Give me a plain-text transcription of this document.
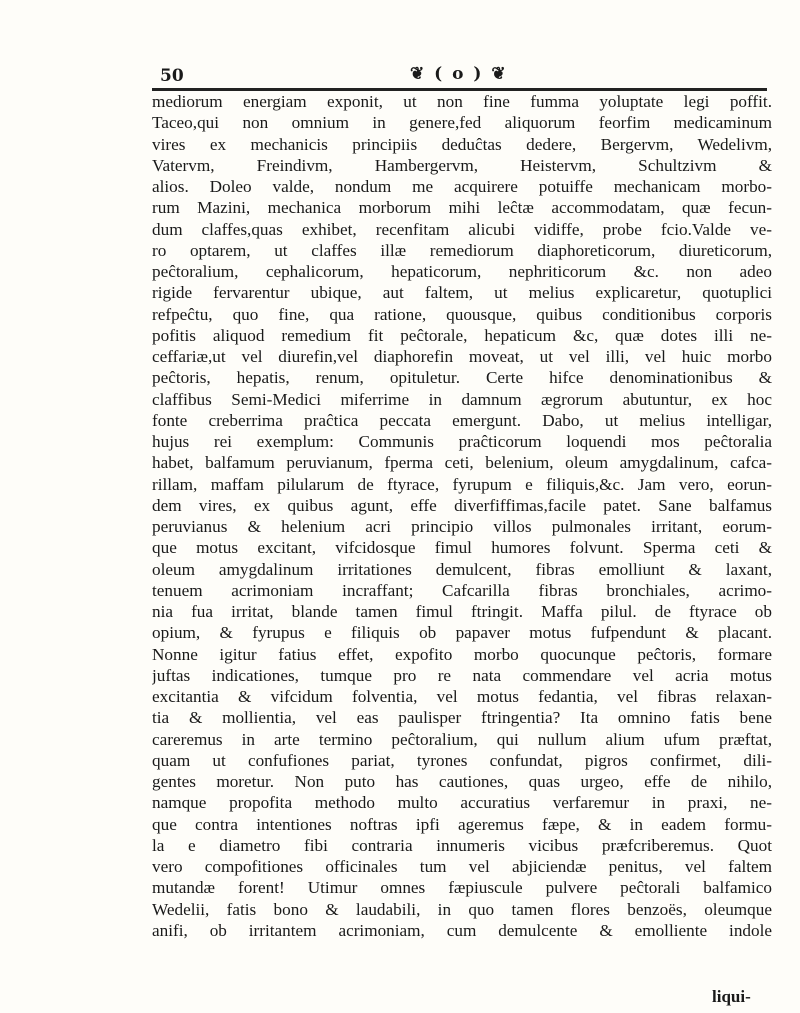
50	❦ ( o ) ❦
mediorum energiam exponit, ut non fine fumma yoluptate legi poffit.
Taceo,qui non omnium in genere,fed aliquorum feorfim medicaminum
vires ex mechanicis principiis deduĉtas dedere, Bergervm, Wedelivm,
Vatervm, Freindivm, Hambergervm, Heistervm, Schultzivm &
alios. Doleo valde, nondum me acquirere potuiffe mechanicam morbo-
rum Mazini, mechanica morborum mihi leĉtæ accommodatam, quæ fecun-
dum claffes,quas exhibet, recenfitam alicubi vidiffe, probe fcio.Valde ve-
ro optarem, ut claffes illæ remediorum diaphoreticorum, diureticorum,
peĉtoralium, cephalicorum, hepaticorum, nephriticorum &c. non adeo
rigide fervarentur ubique, aut faltem, ut melius explicaretur, quotuplici
refpeĉtu, quo fine, qua ratione, quousque, quibus conditionibus corporis
pofitis aliquod remedium fit peĉtorale, hepaticum &c, quæ dotes illi ne-
ceffariæ,ut vel diurefin,vel diaphorefin moveat, ut vel illi, vel huic morbo
peĉtoris, hepatis, renum, opituletur. Certe hifce denominationibus &
claffibus Semi-Medici miferrime in damnum ægrorum abutuntur, ex hoc
fonte creberrima praĉtica peccata emergunt. Dabo, ut melius intelligar,
hujus rei exemplum: Communis praĉticorum loquendi mos peĉtoralia
habet, balfamum peruvianum, fperma ceti, belenium, oleum amygdalinum, cafca-
rillam, maffam pilularum de ftyrace, fyrupum e filiquis,&c. Jam vero, eorun-
dem vires, ex quibus agunt, effe diverfiffimas,facile patet. Sane balfamus
peruvianus & helenium acri principio villos pulmonales irritant, eorum-
que motus excitant, vifcidosque fimul humores folvunt. Sperma ceti &
oleum amygdalinum irritationes demulcent, fibras emolliunt & laxant,
tenuem acrimoniam incraffant; Cafcarilla fibras bronchiales, acrimo-
nia fua irritat, blande tamen fimul ftringit. Maffa pilul. de ftyrace ob
opium, & fyrupus e filiquis ob papaver motus fufpendunt & placant.
Nonne igitur fatius effet, expofito morbo quocunque peĉtoris, formare
juftas indicationes, tumque pro re nata commendare vel acria motus
excitantia & vifcidum folventia, vel motus fedantia, vel fibras relaxan-
tia & mollientia, vel eas paulisper ftringentia? Ita omnino fatis bene
careremus in arte termino peĉtoralium, qui nullum alium ufum præftat,
quam ut confufiones pariat, tyrones confundat, pigros confirmet, dili-
gentes moretur. Non puto has cautiones, quas urgeo, effe de nihilo,
namque propofita methodo multo accuratius verfaremur in praxi, ne-
que contra intentiones noftras ipfi ageremus fæpe, & in eadem formu-
la e diametro fibi contraria innumeris vicibus præfcriberemus. Quot
vero compofitiones officinales tum vel abjiciendæ penitus, vel faltem
mutandæ forent! Utimur omnes fæpiuscule pulvere peĉtorali balfamico
Wedelii, fatis bono & laudabili, in quo tamen flores benzoës, oleumque
anifi, ob irritantem acrimoniam, cum demulcente & emolliente indole
liqui-
